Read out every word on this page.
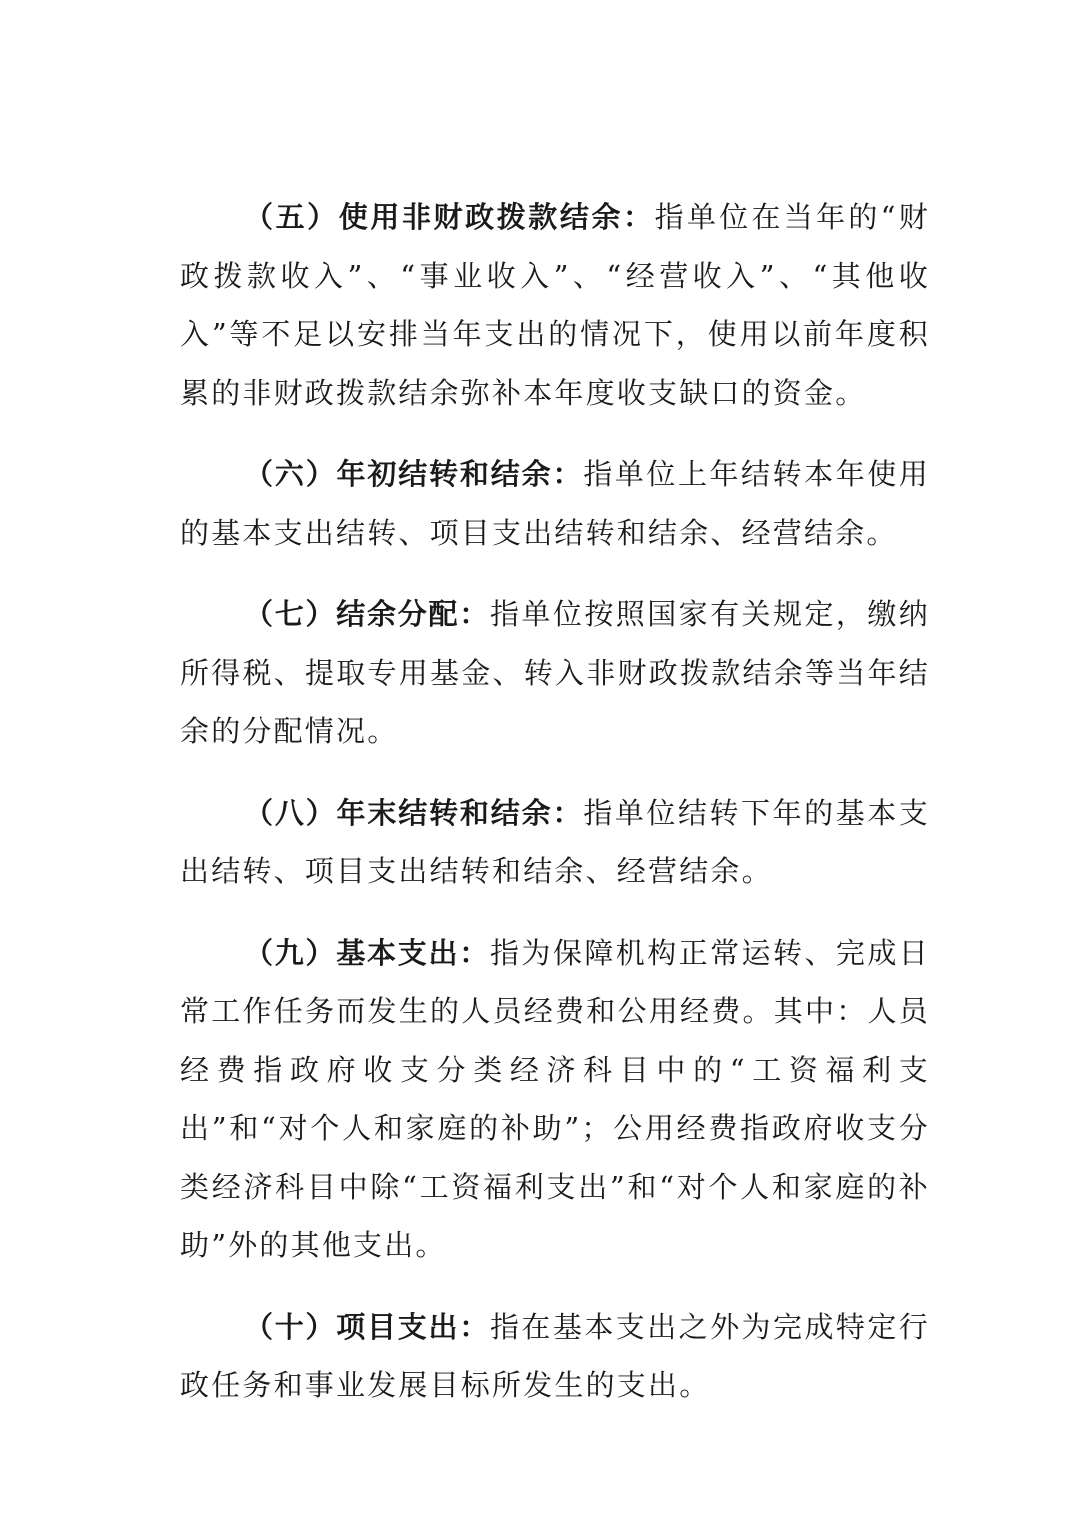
（五）使用非财政拨款结余：指单位在当年的“财政拨款收入”、“事业收入”、“经营收入”、“其他收入”等不足以安排当年支出的情况下，使用以前年度积累的非财政拨款结余弥补本年度收支缺口的资金。

（六）年初结转和结余：指单位上年结转本年使用的基本支出结转、项目支出结转和结余、经营结余。

（七）结余分配：指单位按照国家有关规定，缴纳所得税、提取专用基金、转入非财政拨款结余等当年结余的分配情况。

（八）年末结转和结余：指单位结转下年的基本支出结转、项目支出结转和结余、经营结余。

（九）基本支出：指为保障机构正常运转、完成日常工作任务而发生的人员经费和公用经费。其中：人员经费指政府收支分类经济科目中的“工资福利支出”和“对个人和家庭的补助”；公用经费指政府收支分类经济科目中除“工资福利支出”和“对个人和家庭的补助”外的其他支出。

（十）项目支出：指在基本支出之外为完成特定行政任务和事业发展目标所发生的支出。
